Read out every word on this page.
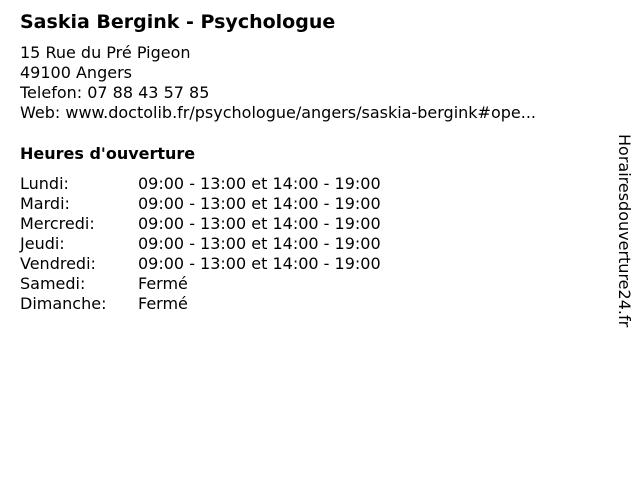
Saskia Bergink - Psychologue
15 Rue du Pré Pigeon
49100 Angers
Telefon: 07 88 43 57 85
Web: www.doctolib.fr/psychologue/angers/saskia-bergink#ope...
Heures d'ouverture
Lundi:	09:00 - 13:00 et 14:00 - 19:00
Mardi:	09:00 - 13:00 et 14:00 - 19:00
Mercredi:	09:00 - 13:00 et 14:00 - 19:00
Jeudi:	09:00 - 13:00 et 14:00 - 19:00
Vendredi:	09:00 - 13:00 et 14:00 - 19:00
Samedi:	Fermé
Dimanche: Fermé	Horairesdouverture24.fr
